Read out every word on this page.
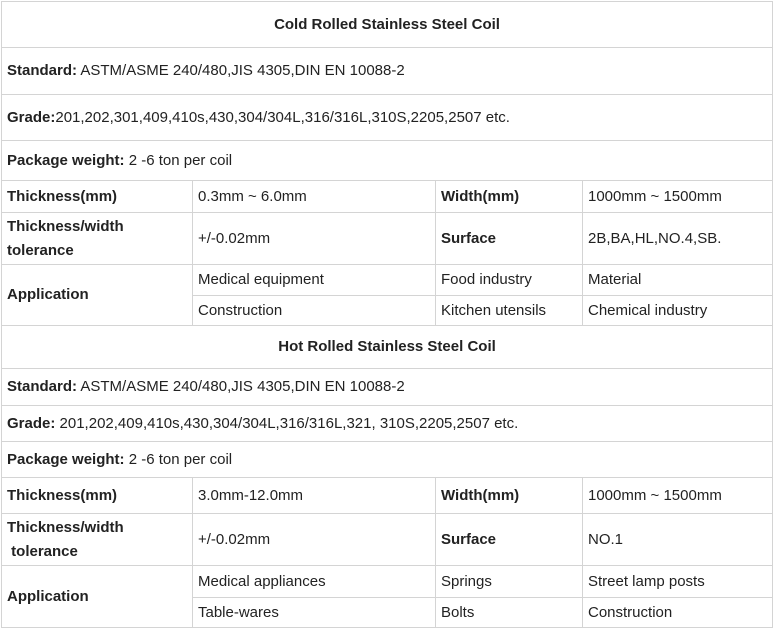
Cold Rolled Stainless Steel Coil			
Standard: ASTM/ASME 240/480,JIS 4305,DIN EN 10088-2			
Grade:201,202,301,409,410s,430,304/304L,316/316L,310S,2205,2507 etc.			
Package weight: 2 -6 ton per coil			
Thickness(mm)	0.3mm ~ 6.0mm	Width(mm)	1000mm ~ 1500mm
Thickness/width
tolerance	+/-0.02mm	Surface	2B,BA,HL,NO.4,SB.
Application	Medical equipment	Food industry	Material
	Construction	Kitchen utensils	Chemical industry
Hot Rolled Stainless Steel Coil			
Standard: ASTM/ASME 240/480,JIS 4305,DIN EN 10088-2			
Grade: 201,202,409,410s,430,304/304L,316/316L,321, 310S,2205,2507 etc.			
Package weight: 2 -6 ton per coil			
Thickness(mm)	3.0mm-12.0mm	Width(mm)	1000mm ~ 1500mm
Thickness/width
tolerance	+/-0.02mm	Surface	NO.1
Application	Medical appliances	Springs	Street lamp posts
	Table-wares	Bolts	Construction
